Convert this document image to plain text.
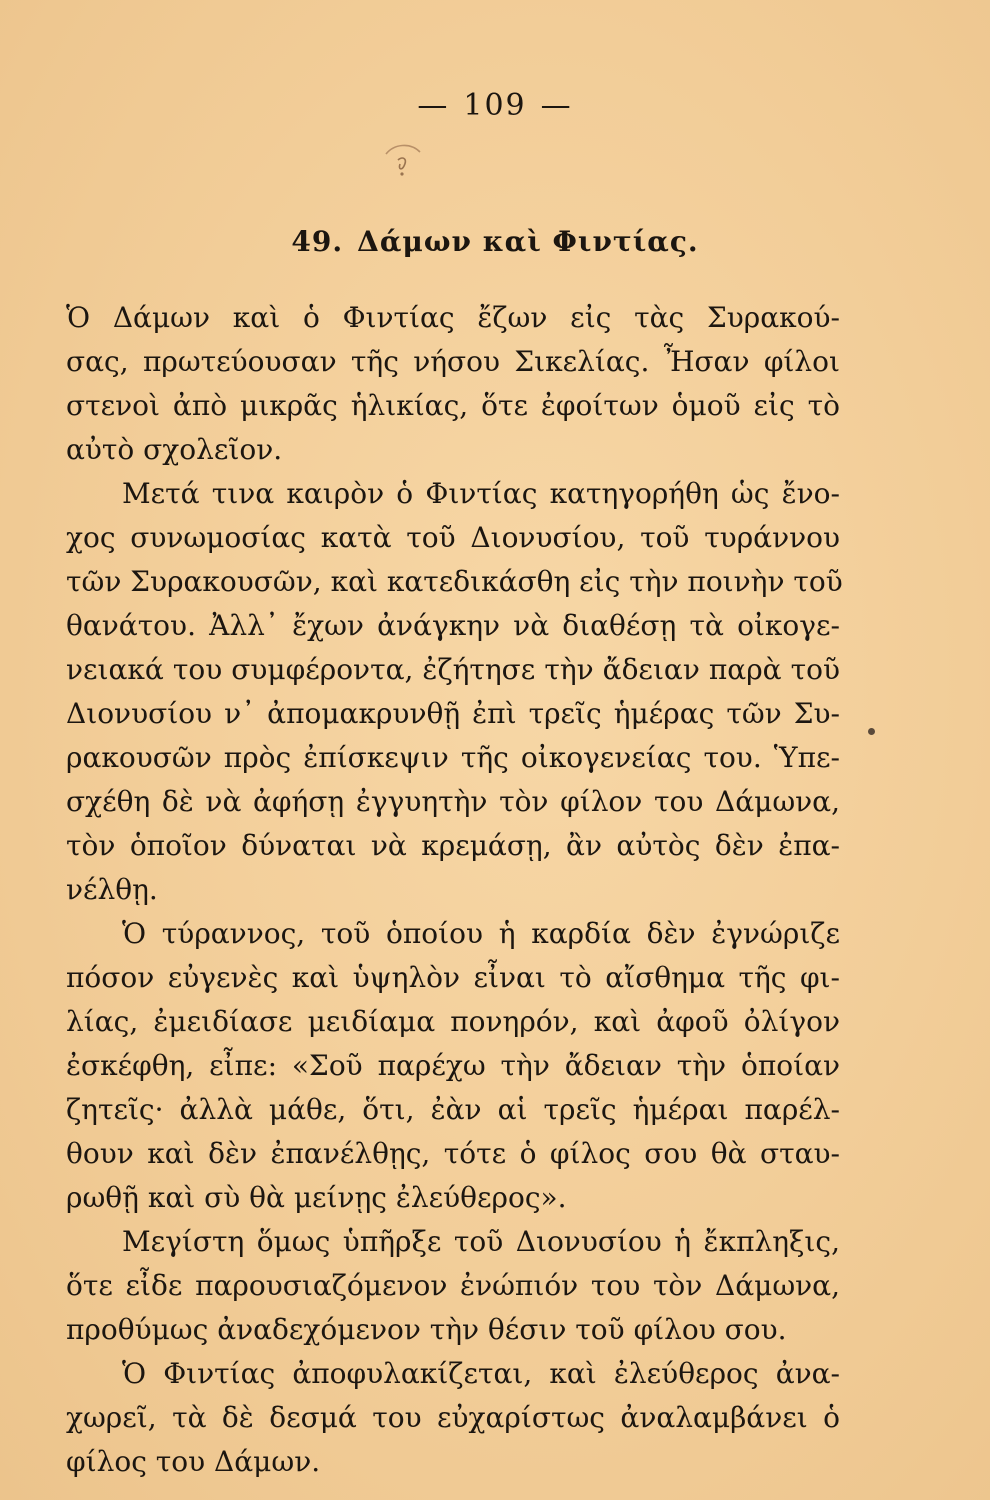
— 109 —
49. Δάμων καὶ Φιντίας.
Ὁ Δάμων καὶ ὁ Φιντίας ἔζων εἰς τὰς Συρακού-
σας, πρωτεύουσαν τῆς νήσου Σικελίας. Ἦσαν φίλοι
στενοὶ ἀπὸ μικρᾶς ἡλικίας, ὅτε ἐφοίτων ὁμοῦ εἰς τὸ
αὐτὸ σχολεῖον.
Μετά τινα καιρὸν ὁ Φιντίας κατηγορήθη ὡς ἔνο-
χος συνωμοσίας κατὰ τοῦ Διονυσίου, τοῦ τυράννου
τῶν Συρακουσῶν, καὶ κατεδικάσθη εἰς τὴν ποινὴν τοῦ
θανάτου. Ἀλλ᾽ ἔχων ἀνάγκην νὰ διαθέσῃ τὰ οἰκογε-
νειακά του συμφέροντα, ἐζήτησε τὴν ἄδειαν παρὰ τοῦ
Διονυσίου ν᾽ ἀπομακρυνθῇ ἐπὶ τρεῖς ἡμέρας τῶν Συ-
ρακουσῶν πρὸς ἐπίσκεψιν τῆς οἰκογενείας του. Ὑπε-
σχέθη δὲ νὰ ἀφήσῃ ἐγγυητὴν τὸν φίλον του Δάμωνα,
τὸν ὁποῖον δύναται νὰ κρεμάσῃ, ἂν αὐτὸς δὲν ἐπα-
νέλθῃ.
Ὁ τύραννος, τοῦ ὁποίου ἡ καρδία δὲν ἐγνώριζε
πόσον εὐγενὲς καὶ ὑψηλὸν εἶναι τὸ αἴσθημα τῆς φι-
λίας, ἐμειδίασε μειδίαμα πονηρόν, καὶ ἀφοῦ ὀλίγον
ἐσκέφθη, εἶπε: «Σοῦ παρέχω τὴν ἄδειαν τὴν ὁποίαν
ζητεῖς· ἀλλὰ μάθε, ὅτι, ἐὰν αἱ τρεῖς ἡμέραι παρέλ-
θουν καὶ δὲν ἐπανέλθῃς, τότε ὁ φίλος σου θὰ σταυ-
ρωθῇ καὶ σὺ θὰ μείνῃς ἐλεύθερος».
Μεγίστη ὅμως ὑπῆρξε τοῦ Διονυσίου ἡ ἔκπληξις,
ὅτε εἶδε παρουσιαζόμενον ἐνώπιόν του τὸν Δάμωνα,
προθύμως ἀναδεχόμενον τὴν θέσιν τοῦ φίλου σου.
Ὁ Φιντίας ἀποφυλακίζεται, καὶ ἐλεύθερος ἀνα-
χωρεῖ, τὰ δὲ δεσμά του εὐχαρίστως ἀναλαμβάνει ὁ
φίλος του Δάμων.
